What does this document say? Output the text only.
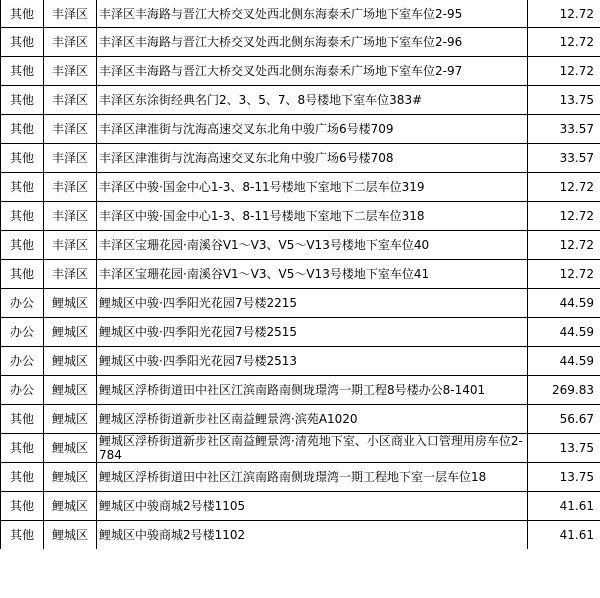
其他	丰泽区	丰泽区丰海路与晋江大桥交叉处西北侧东海泰禾广场地下室车位2-95	12.72
其他	丰泽区	丰泽区丰海路与晋江大桥交叉处西北侧东海泰禾广场地下室车位2-96	12.72
其他	丰泽区	丰泽区丰海路与晋江大桥交叉处西北侧东海泰禾广场地下室车位2-97	12.72
其他	丰泽区	丰泽区东涂街经典名门2、3、5、7、8号楼地下室车位383#	13.75
其他	丰泽区	丰泽区津淮街与沈海高速交叉东北角中骏广场6号楼709	33.57
其他	丰泽区	丰泽区津淮街与沈海高速交叉东北角中骏广场6号楼708	33.57
其他	丰泽区	丰泽区中骏·国金中心1-3、8-11号楼地下室地下二层车位319	12.72
其他	丰泽区	丰泽区中骏·国金中心1-3、8-11号楼地下室地下二层车位318	12.72
其他	丰泽区	丰泽区宝珊花园·南溪谷V1～V3、V5～V13号楼地下室车位40	12.72
其他	丰泽区	丰泽区宝珊花园·南溪谷V1～V3、V5～V13号楼地下室车位41	12.72
办公	鲤城区	鲤城区中骏·四季阳光花园7号楼2215	44.59
办公	鲤城区	鲤城区中骏·四季阳光花园7号楼2515	44.59
办公	鲤城区	鲤城区中骏·四季阳光花园7号楼2513	44.59
办公	鲤城区	鲤城区浮桥街道田中社区江滨南路南侧珑璟湾一期工程8号楼办公8-1401	269.83
其他	鲤城区	鲤城区浮桥街道新步社区南益鲤景湾·滨苑A1020	56.67
其他	鲤城区	鲤城区浮桥街道新步社区南益鲤景湾·清苑地下室、小区商业入口管理用房车位2-784	13.75
其他	鲤城区	鲤城区浮桥街道田中社区江滨南路南侧珑璟湾一期工程地下室一层车位18	13.75
其他	鲤城区	鲤城区中骏商城2号楼1105	41.61
其他	鲤城区	鲤城区中骏商城2号楼1102	41.61
